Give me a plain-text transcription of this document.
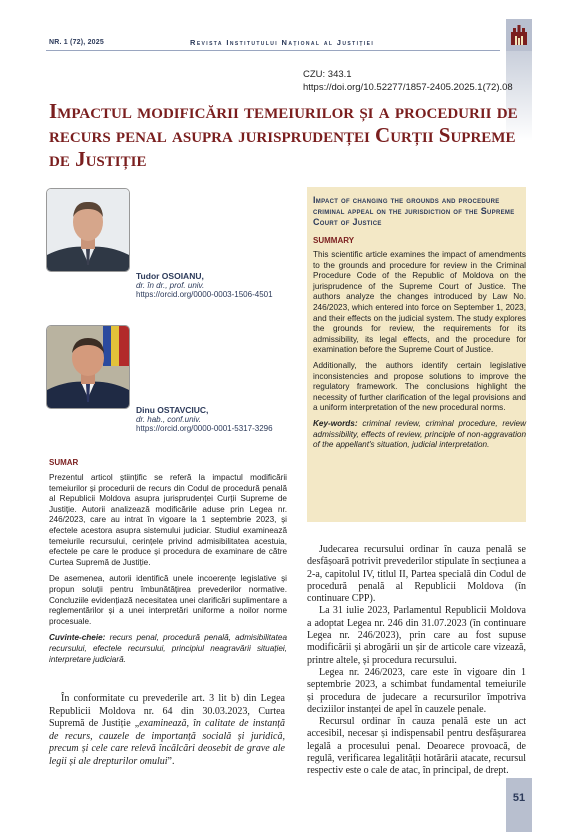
NR. 1 (72), 2025	Revista Institutului Național al Justiției
CZU: 343.1
https://doi.org/10.52277/1857-2405.2025.1(72).08
Impactul modificării temeiurilor și a procedurii de recurs penal asupra jurisprudenței Curții Supreme de Justiție
Tudor OSOIANU,
dr. în dr., prof. univ.
https://orcid.org/0000-0003-1506-4501
Dinu OSTAVCIUC,
dr. hab., conf.univ.
https://orcid.org/0000-0001-5317-3296
Impact of changing the grounds and procedure criminal appeal on the jurisdiction of the Supreme Court of Justice
SUMMARY
This scientific article examines the impact of amendments to the grounds and procedure for review in the Criminal Procedure Code of the Republic of Moldova on the jurisprudence of the Supreme Court of Justice. The authors analyze the changes introduced by Law No. 246/2023, which entered into force on September 1, 2023, and their effects on the judicial system. The study explores the grounds for review, the requirements for its admissibility, its legal effects, and the procedure for examination before the Supreme Court of Justice.
Additionally, the authors identify certain legislative inconsistencies and propose solutions to improve the regulatory framework. The conclusions highlight the necessity of further clarification of the legal provisions and a uniform interpretation of the new procedural norms.
Key-words: criminal review, criminal procedure, review admissibility, effects of review, principle of non-aggravation of the appellant's situation, judicial interpretation.
SUMAR

Prezentul articol științific se referă la impactul modificării temeiurilor și procedurii de recurs din Codul de procedură penală al Republicii Moldova asupra jurisprudenței Curții Supreme de Justiție. Autorii analizează modificările aduse prin Legea nr. 246/2023, care au intrat în vigoare la 1 septembrie 2023, și efectele acestora asupra sistemului judiciar. Studiul examinează temeiurile recursului, cerințele privind admisibilitatea acestuia, efectele pe care le produce și procedura de examinare de către Curtea Supremă de Justiție.

De asemenea, autorii identifică unele incoerențe legislative și propun soluții pentru îmbunătățirea prevederilor normative. Concluziile evidențiază necesitatea unei clarificări suplimentare a reglementărilor și a unei interpretări uniforme a noilor norme procesuale.

Cuvinte-cheie: recurs penal, procedură penală, admisibilitatea recursului, efectele recursului, principiul neagravării situației, interpretare judiciară.

În conformitate cu prevederile art. 3 lit b) din Legea Republicii Moldova nr. 64 din 30.03.2023, Curtea Supremă de Justiție „examinează, în calitate de instanță de recurs, cauzele de importanță socială și juridică, precum și cele care relevă încălcări deosebit de grave ale legii și ale drepturilor omului”.

Judecarea recursului ordinar în cauza penală se desfășoară potrivit prevederilor stipulate în secțiunea a 2-a, capitolul IV, titlul II, Partea specială din Codul de procedură penală al Republicii Moldova (în continuare CPP).

La 31 iulie 2023, Parlamentul Republicii Moldova a adoptat Legea nr. 246 din 31.07.2023 (în continuare Legea nr. 246/2023), prin care au fost supuse modificării și abrogării un șir de articole care vizează, printre altele, și procedura recursului.

Legea nr. 246/2023, care este în vigoare din 1 septembrie 2023, a schimbat fundamental temeiurile și procedura de judecare a recursurilor împotriva deciziilor instanței de apel în cauzele penale.

Recursul ordinar în cauza penală este un act accesibil, necesar și indispensabil pentru desfășurarea legală a procesului penal. Deoarece provoacă, de regulă, verificarea legalității hotărârii atacate, recursul respectiv este o cale de atac, în principal, de drept.

51
